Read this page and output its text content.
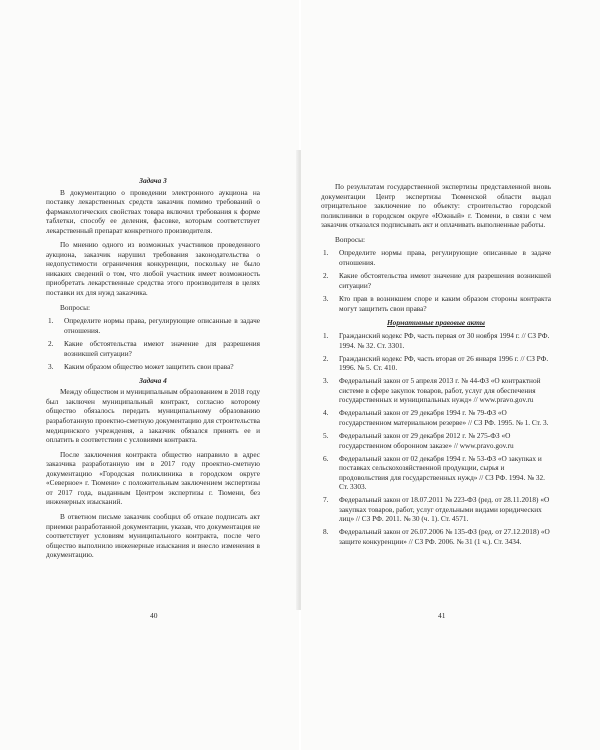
Задача 3
В документацию о проведении электронного аукциона на поставку лекарственных средств заказчик помимо требований о фармакологических свойствах товара включил требования к форме таблетки, способу ее деления, фасовке, которым соответствует лекарственный препарат конкретного производителя.
По мнению одного из возможных участников проведенного аукциона, заказчик нарушил требования законодательства о недопустимости ограничения конкуренции, поскольку не было никаких сведений о том, что любой участник имеет возможность приобретать лекарственные средства этого производителя в целях поставки их для нужд заказчика.
Вопросы:
1. Определите нормы права, регулирующие описанные в задаче отношения.
2. Какие обстоятельства имеют значение для разрешения возникшей ситуации?
3. Каким образом общество может защитить свои права?
Задача 4
Между обществом и муниципальным образованием в 2018 году был заключен муниципальный контракт, согласно которому общество обязалось передать муниципальному образованию разработанную проектно-сметную документацию для строительства медицинского учреждения, а заказчик обязался принять ее и оплатить в соответствии с условиями контракта.
После заключения контракта общество направило в адрес заказчика разработанную им в 2017 году проектно-сметную документацию «Городская поликлиника в городском округе «Северное» г. Тюмени» с положительным заключением экспертизы от 2017 года, выданным Центром экспертизы г. Тюмени, без инженерных изысканий.
В ответном письме заказчик сообщил об отказе подписать акт приемки разработанной документации, указав, что документация не соответствует условиям муниципального контракта, после чего общество выполнило инженерные изыскания и внесло изменения в документацию.
40
По результатам государственной экспертизы представленной вновь документации Центр экспертизы Тюменской области выдал отрицательное заключение по объекту: строительство городской поликлиники в городском округе «Южный» г. Тюмени, в связи с чем заказчик отказался подписывать акт и оплачивать выполненные работы.
Вопросы:
1. Определите нормы права, регулирующие описанные в задаче отношения.
2. Какие обстоятельства имеют значение для разрешения возникшей ситуации?
3. Кто прав в возникшем споре и каким образом стороны контракта могут защитить свои права?
Нормативные правовые акты
1. Гражданский кодекс РФ, часть первая от 30 ноября 1994 г. // СЗ РФ. 1994. № 32. Ст. 3301.
2. Гражданский кодекс РФ, часть вторая от 26 января 1996 г. // СЗ РФ. 1996. № 5. Ст. 410.
3. Федеральный закон от 5 апреля 2013 г. № 44-ФЗ «О контрактной системе в сфере закупок товаров, работ, услуг для обеспечения государственных и муниципальных нужд» // www.pravo.gov.ru
4. Федеральный закон от 29 декабря 1994 г. № 79-ФЗ «О государственном материальном резерве» // СЗ РФ. 1995. № 1. Ст. 3.
5. Федеральный закон от 29 декабря 2012 г. № 275-ФЗ «О государственном оборонном заказе» // www.pravo.gov.ru
6. Федеральный закон от 02 декабря 1994 г. № 53-ФЗ «О закупках и поставках сельскохозяйственной продукции, сырья и продовольствия для государственных нужд» // СЗ РФ. 1994. № 32. Ст. 3303.
7. Федеральный закон от 18.07.2011 № 223-ФЗ (ред. от 28.11.2018) «О закупках товаров, работ, услуг отдельными видами юридических лиц» // СЗ РФ. 2011. № 30 (ч. 1). Ст. 4571.
8. Федеральный закон от 26.07.2006 № 135-ФЗ (ред. от 27.12.2018) «О защите конкуренции» // СЗ РФ. 2006. № 31 (1 ч.). Ст. 3434.
41
